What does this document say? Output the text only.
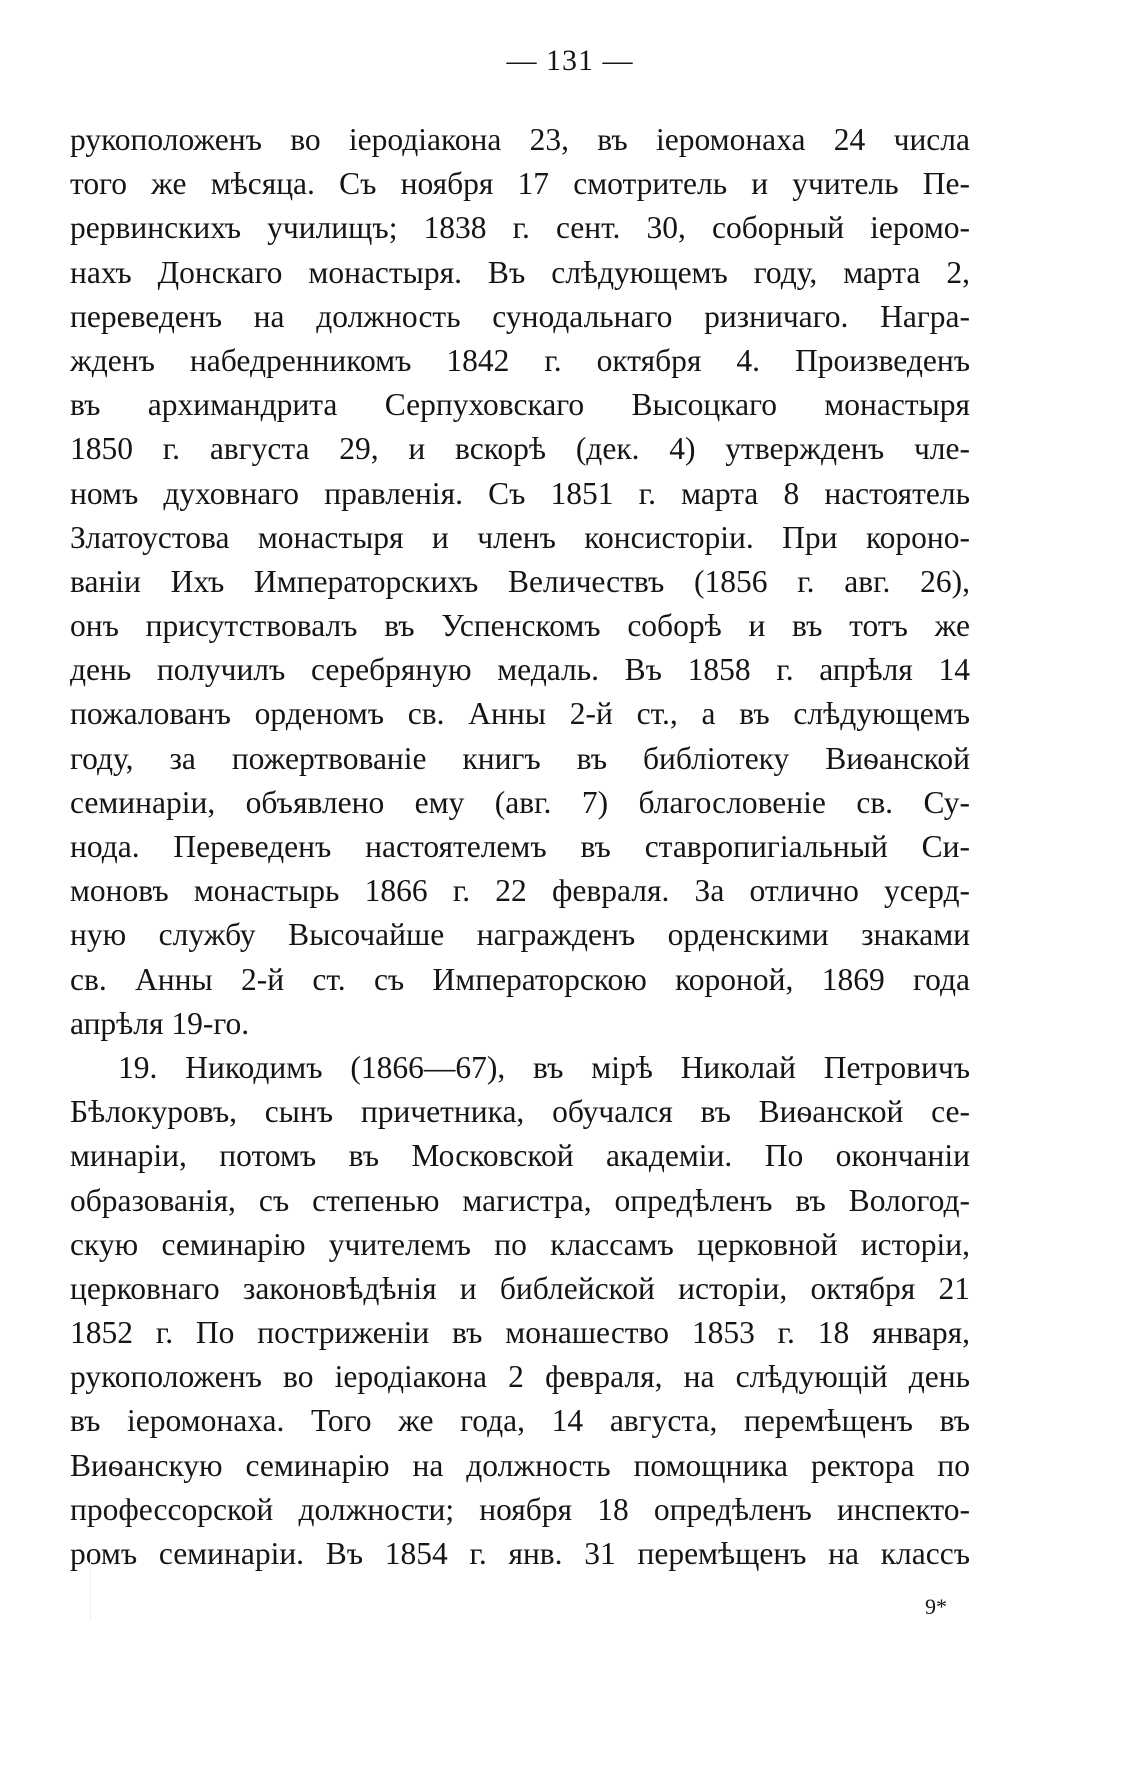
— 131 —
рукоположенъ во іеродіакона 23, въ іеромонаха 24 числа
того же мѣсяца. Съ ноября 17 смотритель и учитель Пе-
рервинскихъ училищъ; 1838 г. сент. 30, соборный іеромо-
нахъ Донскаго монастыря. Въ слѣдующемъ году, марта 2,
переведенъ на должность сунодальнаго ризничаго. Награ-
жденъ набедренникомъ 1842 г. октября 4. Произведенъ
въ архимандрита Серпуховскаго Высоцкаго монастыря
1850 г. августа 29, и вскорѣ (дек. 4) утвержденъ чле-
номъ духовнаго правленія. Съ 1851 г. марта 8 настоятель
Златоустова монастыря и членъ консисторіи. При короно-
ваніи Ихъ Императорскихъ Величествъ (1856 г. авг. 26),
онъ присутствовалъ въ Успенскомъ соборѣ и въ тотъ же
день получилъ серебряную медаль. Въ 1858 г. апрѣля 14
пожалованъ орденомъ св. Анны 2-й ст., а въ слѣдующемъ
году, за пожертвованіе книгъ въ библіотеку Виѳанской
семинаріи, объявлено ему (авг. 7) благословеніе св. Су-
нода. Переведенъ настоятелемъ въ ставропигіальный Си-
моновъ монастырь 1866 г. 22 февраля. За отлично усерд-
ную службу Высочайше награжденъ орденскими знаками
св. Анны 2-й ст. съ Императорскою короной, 1869 года
апрѣля 19-го.
19. Никодимъ (1866—67), въ мірѣ Николай Петровичъ
Бѣлокуровъ, сынъ причетника, обучался въ Виѳанской се-
минаріи, потомъ въ Московской академіи. По окончаніи
образованія, съ степенью магистра, опредѣленъ въ Вологод-
скую семинарію учителемъ по классамъ церковной исторіи,
церковнаго законовѣдѣнія и библейской исторіи, октября 21
1852 г. По постриженіи въ монашество 1853 г. 18 января,
рукоположенъ во іеродіакона 2 февраля, на слѣдующій день
въ іеромонаха. Того же года, 14 августа, перемѣщенъ въ
Виѳанскую семинарію на должность помощника ректора по
профессорской должности; ноября 18 опредѣленъ инспекто-
ромъ семинаріи. Въ 1854 г. янв. 31 перемѣщенъ на классъ
9*
